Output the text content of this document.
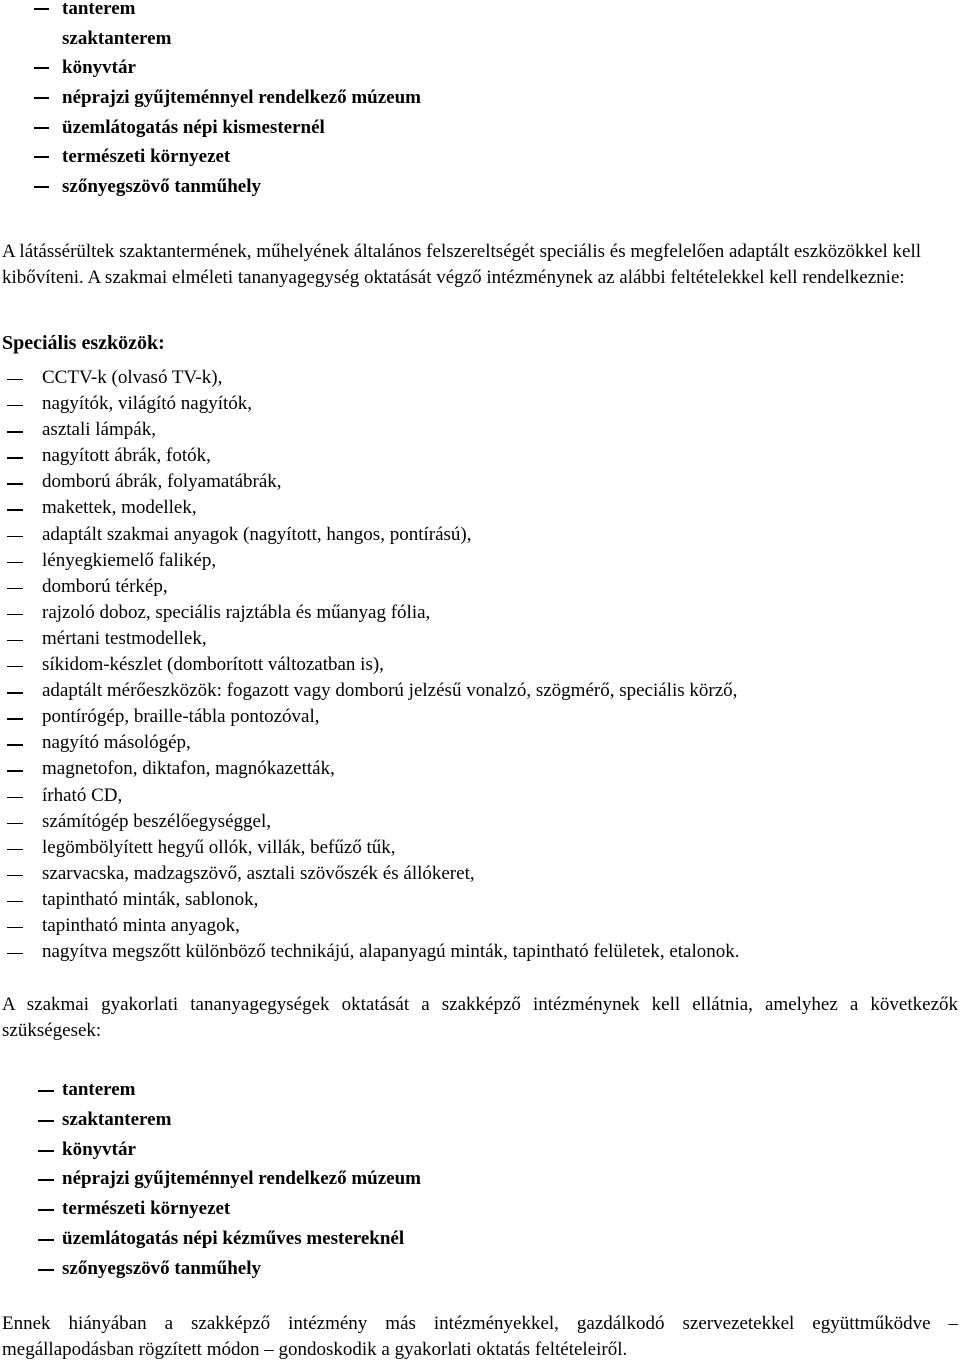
tanterem
szaktanterem
könyvtár
néprajzi gyűjteménnyel rendelkező múzeum
üzemlátogatás népi kismesternél
természeti környezet
szőnyegszövő tanműhely

A látássérültek szaktantermének, műhelyének általános felszereltségét speciális és megfelelően adaptált eszközökkel kell kibővíteni. A szakmai elméleti tananyagegység oktatását végző intézménynek az alábbi feltételekkel kell rendelkeznie:

Speciális eszközök:
CCTV-k (olvasó TV-k),
nagyítók, világító nagyítók,
asztali lámpák,
nagyított ábrák, fotók,
domború ábrák, folyamatábrák,
makettek, modellek,
adaptált szakmai anyagok (nagyított, hangos, pontírású),
lényegkiemelő falikép,
domború térkép,
rajzoló doboz, speciális rajztábla és műanyag fólia,
mértani testmodellek,
síkidom-készlet (domborított változatban is),
adaptált mérőeszközök: fogazott vagy domború jelzésű vonalzó, szögmérő, speciális körző,
pontírógép, braille-tábla pontozóval,
nagyító másológép,
magnetofon, diktafon, magnókazetták,
írható CD,
számítógép beszélőegységgel,
legömbölyített hegyű ollók, villák, befűző tűk,
szarvacska, madzagszövő, asztali szövőszék és állókeret,
tapintható minták, sablonok,
tapintható minta anyagok,
nagyítva megszőtt különböző technikájú, alapanyagú minták, tapintható felületek, etalonok.

A szakmai gyakorlati tananyagegységek oktatását a szakképző intézménynek kell ellátnia, amelyhez a következők szükségesek:

tanterem
szaktanterem
könyvtár
néprajzi gyűjteménnyel rendelkező múzeum
természeti környezet
üzemlátogatás népi kézműves mestereknél
szőnyegszövő tanműhely

Ennek hiányában a szakképző intézmény más intézményekkel, gazdálkodó szervezetekkel együttműködve – megállapodásban rögzített módon – gondoskodik a gyakorlati oktatás feltételeiről.
